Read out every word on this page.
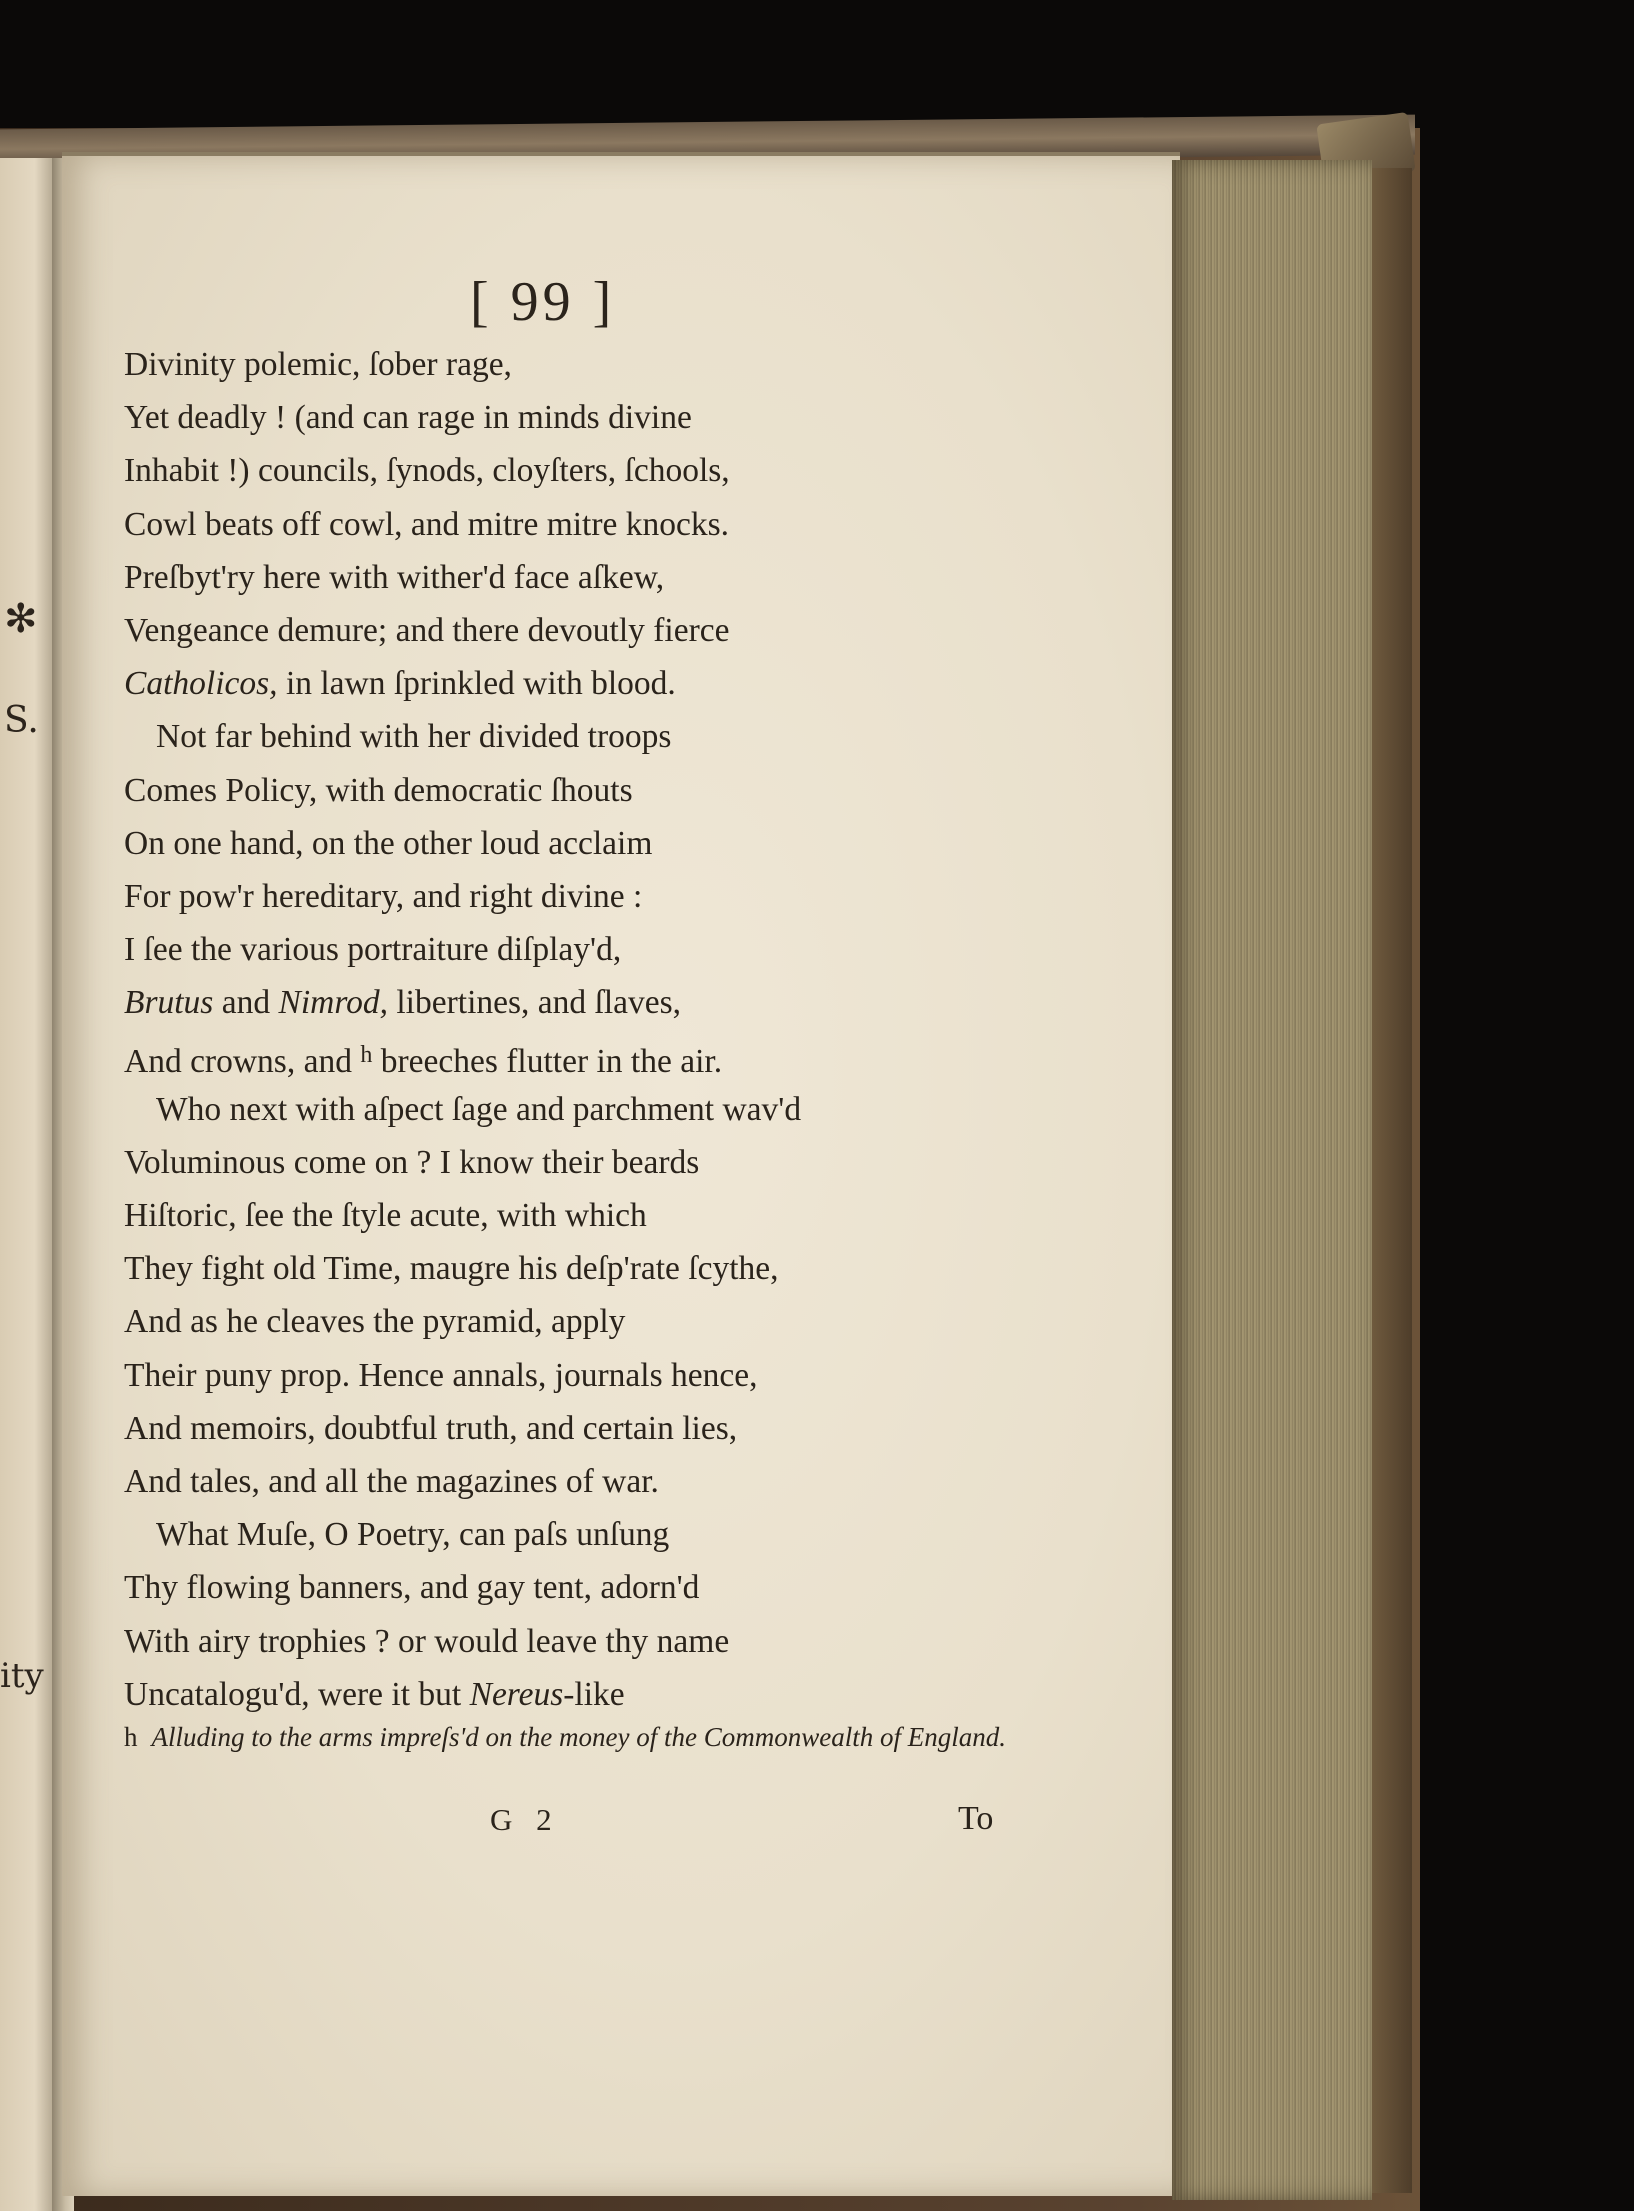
✻
S.
ity
[ 99 ]
Divinity polemic, ſober rage,
Yet deadly ! (and can rage in minds divine
Inhabit !) councils, ſynods, cloyſters, ſchools,
Cowl beats off cowl, and mitre mitre knocks.
Preſbyt'ry here with wither'd face aſkew,
Vengeance demure; and there devoutly fierce
Catholicos, in lawn ſprinkled with blood.
Not far behind with her divided troops
Comes Policy, with democratic ſhouts
On one hand, on the other loud acclaim
For pow'r hereditary, and right divine :
I ſee the various portraiture diſplay'd,
Brutus and Nimrod, libertines, and ſlaves,
And crowns, and $^h$ breeches flutter in the air.
Who next with aſpect ſage and parchment wav'd
Voluminous come on ? I know their beards
Hiſtoric, ſee the ſtyle acute, with which
They fight old Time, maugre his deſp'rate ſcythe,
And as he cleaves the pyramid, apply
Their puny prop. Hence annals, journals hence,
And memoirs, doubtful truth, and certain lies,
And tales, and all the magazines of war.
What Muſe, O Poetry, can paſs unſung
Thy flowing banners, and gay tent, adorn'd
With airy trophies ? or would leave thy name
Uncatalogu'd, were it but Nereus-like
h Alluding to the arms impreſs'd on the money of the Commonwealth of England.
G 2	To
